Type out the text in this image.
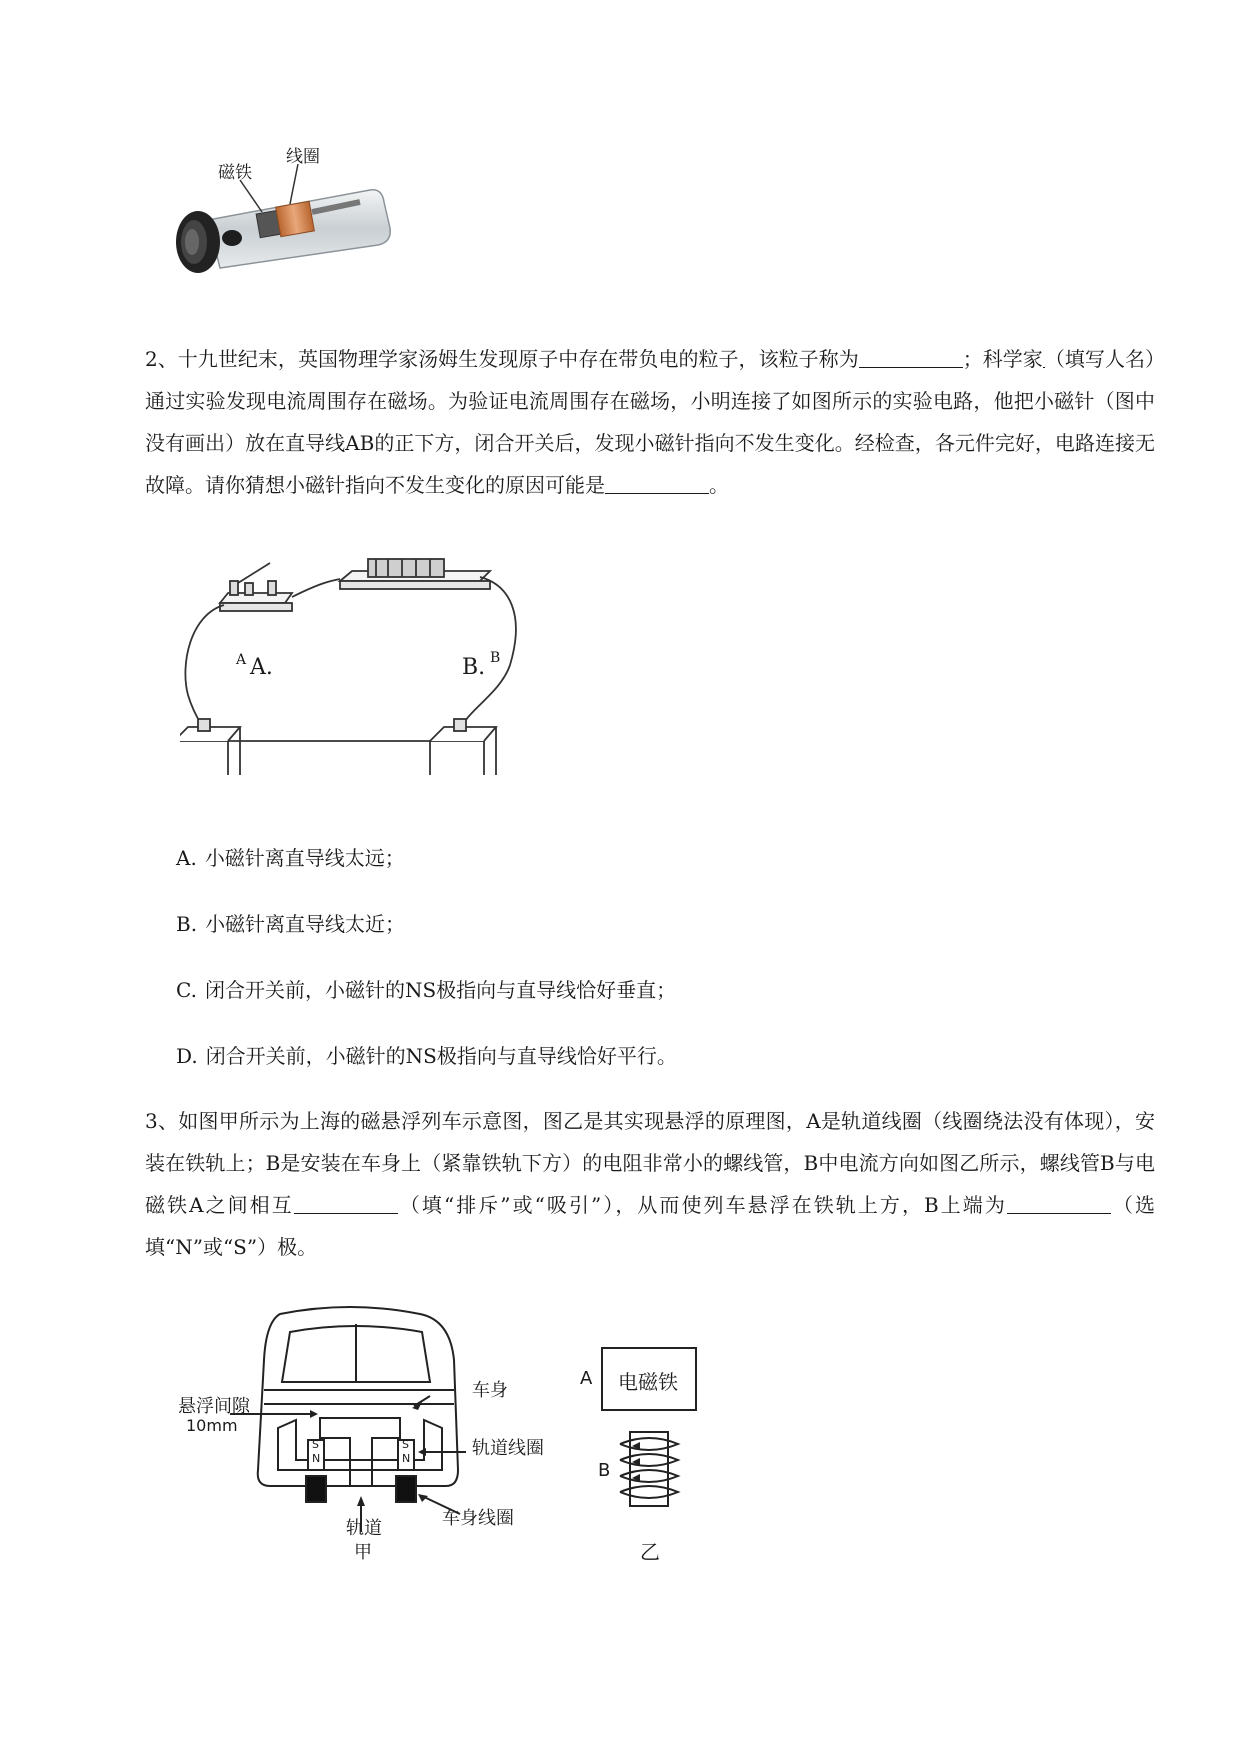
磁铁
线圈
2、十九世纪末，英国物理学家汤姆生发现原子中存在带负电的粒子，该粒子称为	；科学家 （填写人名）通过实验发现电流周围存在磁场。为验证电流周围存在磁场，小明连接了如图所示的实验电路，他把小磁针（图中没有画出）放在直导线AB的正下方，闭合开关后，发现小磁针指向不发生变化。经检查，各元件完好，电路连接无故障。请你猜想小磁针指向不发生变化的原因可能是	。
A A.	B. B
A. 小磁针离直导线太远；
B. 小磁针离直导线太近；
C. 闭合开关前，小磁针的NS极指向与直导线恰好垂直；
D. 闭合开关前，小磁针的NS极指向与直导线恰好平行。
3、如图甲所示为上海的磁悬浮列车示意图，图乙是其实现悬浮的原理图，A是轨道线圈（线圈绕法没有体现），安装在铁轨上；B是安装在车身上（紧靠铁轨下方）的电阻非常小的螺线管，B中电流方向如图乙所示，螺线管B与电磁铁A之间相互	（填“排斥”或“吸引”），从而使列车悬浮在铁轨上方，B上端为	（选填“N”或“S”）极。
悬浮间隙
10mm
车身
轨道线圈
车身线圈
轨道
甲
S
N
S
N
A 电磁铁
B
乙
